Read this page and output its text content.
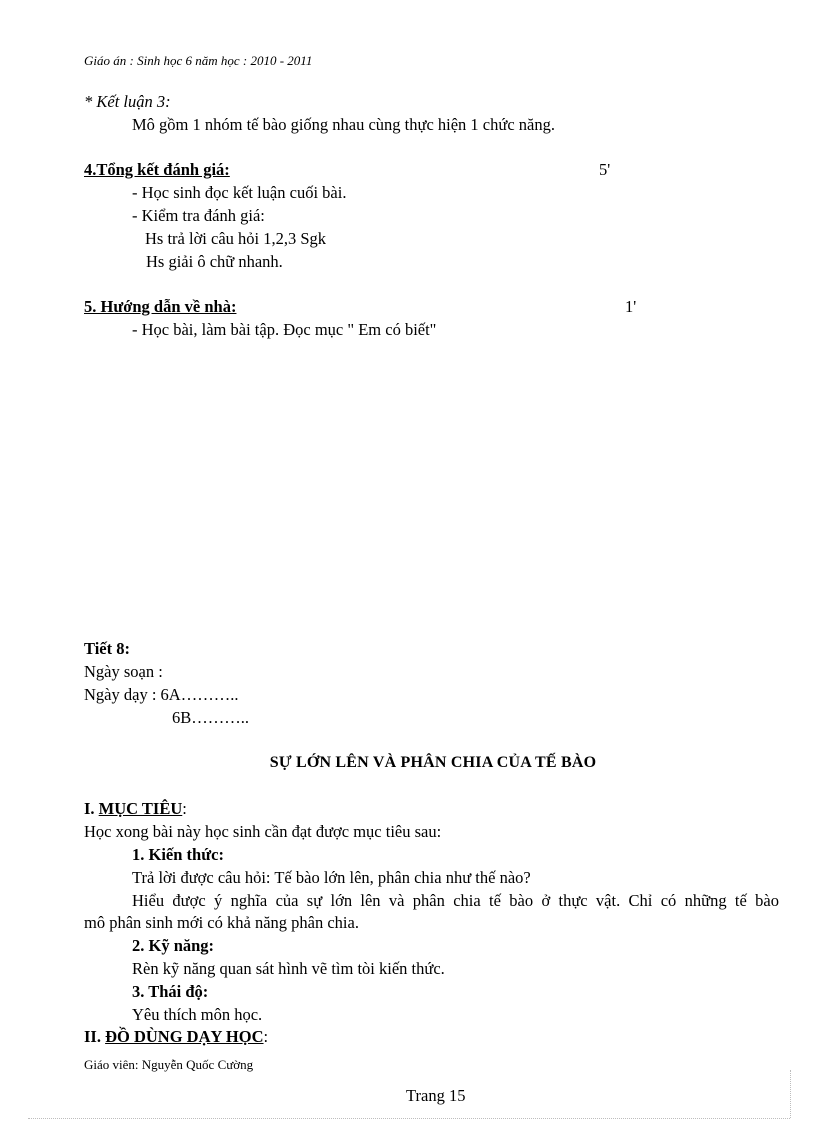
Giáo án : Sinh học 6 năm học : 2010 - 2011
* Kết luận 3:
Mô gồm 1 nhóm tế bào giống nhau cùng thực hiện 1 chức năng.
4.Tổng kết đánh giá:	5'
- Học sinh đọc kết luận cuối bài.
- Kiểm tra đánh giá:
Hs trả lời câu hỏi 1,2,3 Sgk
Hs giải ô chữ nhanh.
5. Hướng dẫn về nhà:	1'
- Học bài, làm bài tập. Đọc mục " Em có biết"
Tiết 8:
Ngày soạn :
Ngày dạy : 6A………..
6B………..
SỰ LỚN LÊN VÀ PHÂN CHIA CỦA TẾ BÀO
I. MỤC TIÊU:
Học xong bài này học sinh cần đạt được mục tiêu sau:
1. Kiến thức:
Trả lời được câu hỏi: Tế bào lớn lên, phân chia như thế nào?
Hiểu được ý nghĩa của sự lớn lên và phân chia tế bào ở thực vật. Chỉ có những tế bào
mô phân sinh mới có khả năng phân chia.
2. Kỹ năng:
Rèn kỹ năng quan sát hình vẽ tìm tòi kiến thức.
3. Thái độ:
Yêu thích môn học.
II. ĐỒ DÙNG DẠY HỌC:
Giáo viên: Nguyễn Quốc Cường
Trang 15
